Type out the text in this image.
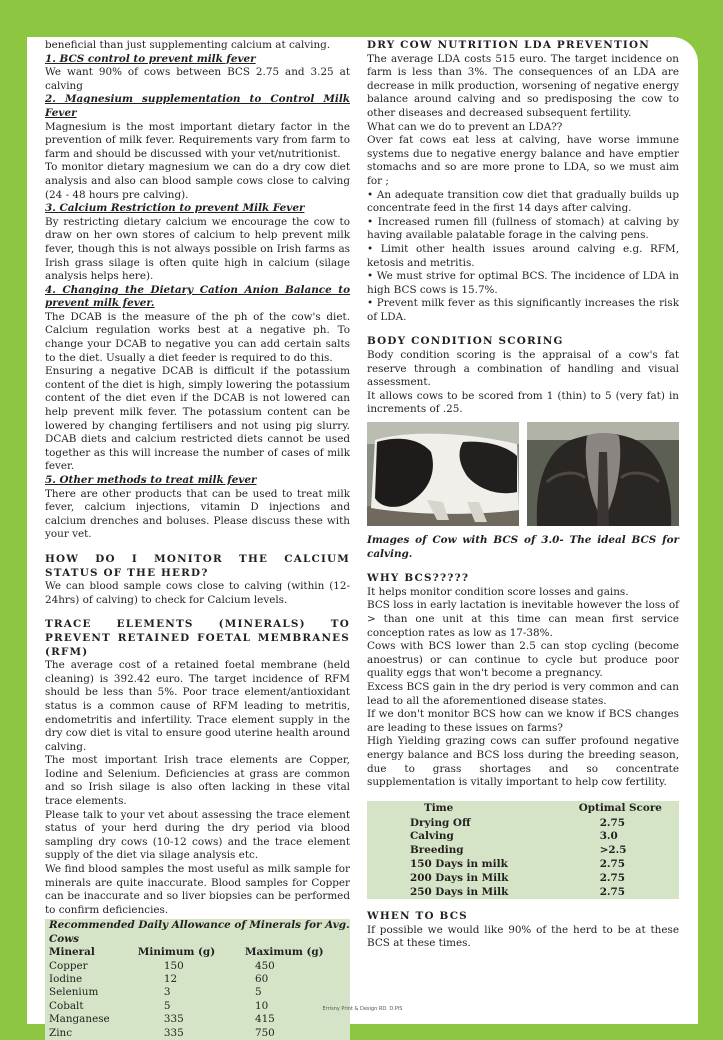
beneficial than just supplementing calcium at calving.

1. BCS control to prevent milk fever

We want 90% of cows between BCS 2.75 and 3.25 at calving

2. Magnesium supplementation to Control Milk Fever

Magnesium is the most important dietary factor in the prevention of milk fever. Requirements vary from farm to farm and should be discussed with your vet/nutritionist.

To monitor dietary magnesium we can do a dry cow diet analysis and also can blood sample cows close to calving (24 - 48 hours pre calving).

3. Calcium Restriction to prevent Milk Fever

By restricting dietary calcium we encourage the cow to draw on her own stores of calcium to help prevent milk fever, though this is not always possible on Irish farms as Irish grass silage is often quite high in calcium (silage analysis helps here).

4. Changing the Dietary Cation Anion Balance to prevent milk fever.

The DCAB is the measure of the ph of the cow's diet. Calcium regulation works best at a negative ph. To change your DCAB to negative you can add certain salts to the diet. Usually a diet feeder is required to do this.

Ensuring a negative DCAB is difficult if the potassium content of the diet is high, simply lowering the potassium content of the diet even if the DCAB is not lowered can help prevent milk fever. The potassium content can be lowered by changing fertilisers and not using pig slurry. DCAB diets and calcium restricted diets cannot be used together as this will increase the number of cases of milk fever.

5. Other methods to treat milk fever

There are other products that can be used to treat milk fever, calcium injections, vitamin D injections and calcium drenches and boluses. Please discuss these with your vet.

HOW DO I MONITOR THE CALCIUM STATUS OF THE HERD?

We can blood sample cows close to calving (within (12-24hrs) of calving) to check for Calcium levels.

TRACE ELEMENTS (MINERALS) TO PREVENT RETAINED FOETAL MEMBRANES (RFM)

The average cost of a retained foetal membrane (held cleaning) is 392.42 euro. The target incidence of RFM should be less than 5%. Poor trace element/antioxidant status is a common cause of RFM leading to metritis, endometritis and infertility. Trace element supply in the dry cow diet is vital to ensure good uterine health around calving.

The most important Irish trace elements are Copper, Iodine and Selenium. Deficiencies at grass are common and so Irish silage is also often lacking in these vital trace elements.

Please talk to your vet about assessing the trace element status of your herd during the dry period via blood sampling dry cows (10-12 cows) and the trace element supply of the diet via silage analysis etc.

We find blood samples the most useful as milk sample for minerals are quite inaccurate. Blood samples for Copper can be inaccurate and so liver biopsies can be performed to confirm deficiencies.

Recommended Daily Allowance of Minerals for Avg. Cows		
Mineral	Minimum (g)	Maximum (g)
Copper	150	450
Iodine	12	60
Selenium	3	5
Cobalt	5	10
Manganese	335	415
Zinc	335	750

DRY COW NUTRITION LDA PREVENTION

The average LDA costs 515 euro. The target incidence on farm is less than 3%. The consequences of an LDA are decrease in milk production, worsening of negative energy balance around calving and so predisposing the cow to other diseases and decreased subsequent fertility.

What can we do to prevent an LDA??

Over fat cows eat less at calving, have worse immune systems due to negative energy balance and have emptier stomachs and so are more prone to LDA, so we must aim for ;

• An adequate transition cow diet that gradually builds up concentrate feed in the first 14 days after calving.

• Increased rumen fill (fullness of stomach) at calving by having available palatable forage in the calving pens.

• Limit other health issues around calving e.g. RFM, ketosis and metritis.

• We must strive for optimal BCS. The incidence of LDA in high BCS cows is 15.7%.

• Prevent milk fever as this significantly increases the risk of LDA.

BODY CONDITION SCORING

Body condition scoring is the appraisal of a cow's fat reserve through a combination of handling and visual assessment.

It allows cows to be scored from 1 (thin) to 5 (very fat) in increments of .25.

Images of Cow with BCS of 3.0- The ideal BCS for calving.

WHY BCS?????

It helps monitor condition score losses and gains.

BCS loss in early lactation is inevitable however the loss of > than one unit at this time can mean first service conception rates as low as 17-38%.

Cows with BCS lower than 2.5 can stop cycling (become anoestrus) or can continue to cycle but produce poor quality eggs that won't become a pregnancy.

Excess BCS gain in the dry period is very common and can lead to all the aforementioned disease states.

If we don't monitor BCS how can we know if BCS changes are leading to these issues on farms?

High Yielding grazing cows can suffer profound negative energy balance and BCS loss during the breeding season, due to grass shortages and so concentrate supplementation is vitally important to help cow fertility.

Time	Optimal Score
Drying Off	2.75
Calving	3.0
Breeding	>2.5
150 Days in milk	2.75
200 Days in Milk	2.75
250 Days in Milk	2.75

WHEN TO BCS

If possible we would like 90% of the herd to be at these BCS at these times.

Errisny Print & Design RD. D.PIS
